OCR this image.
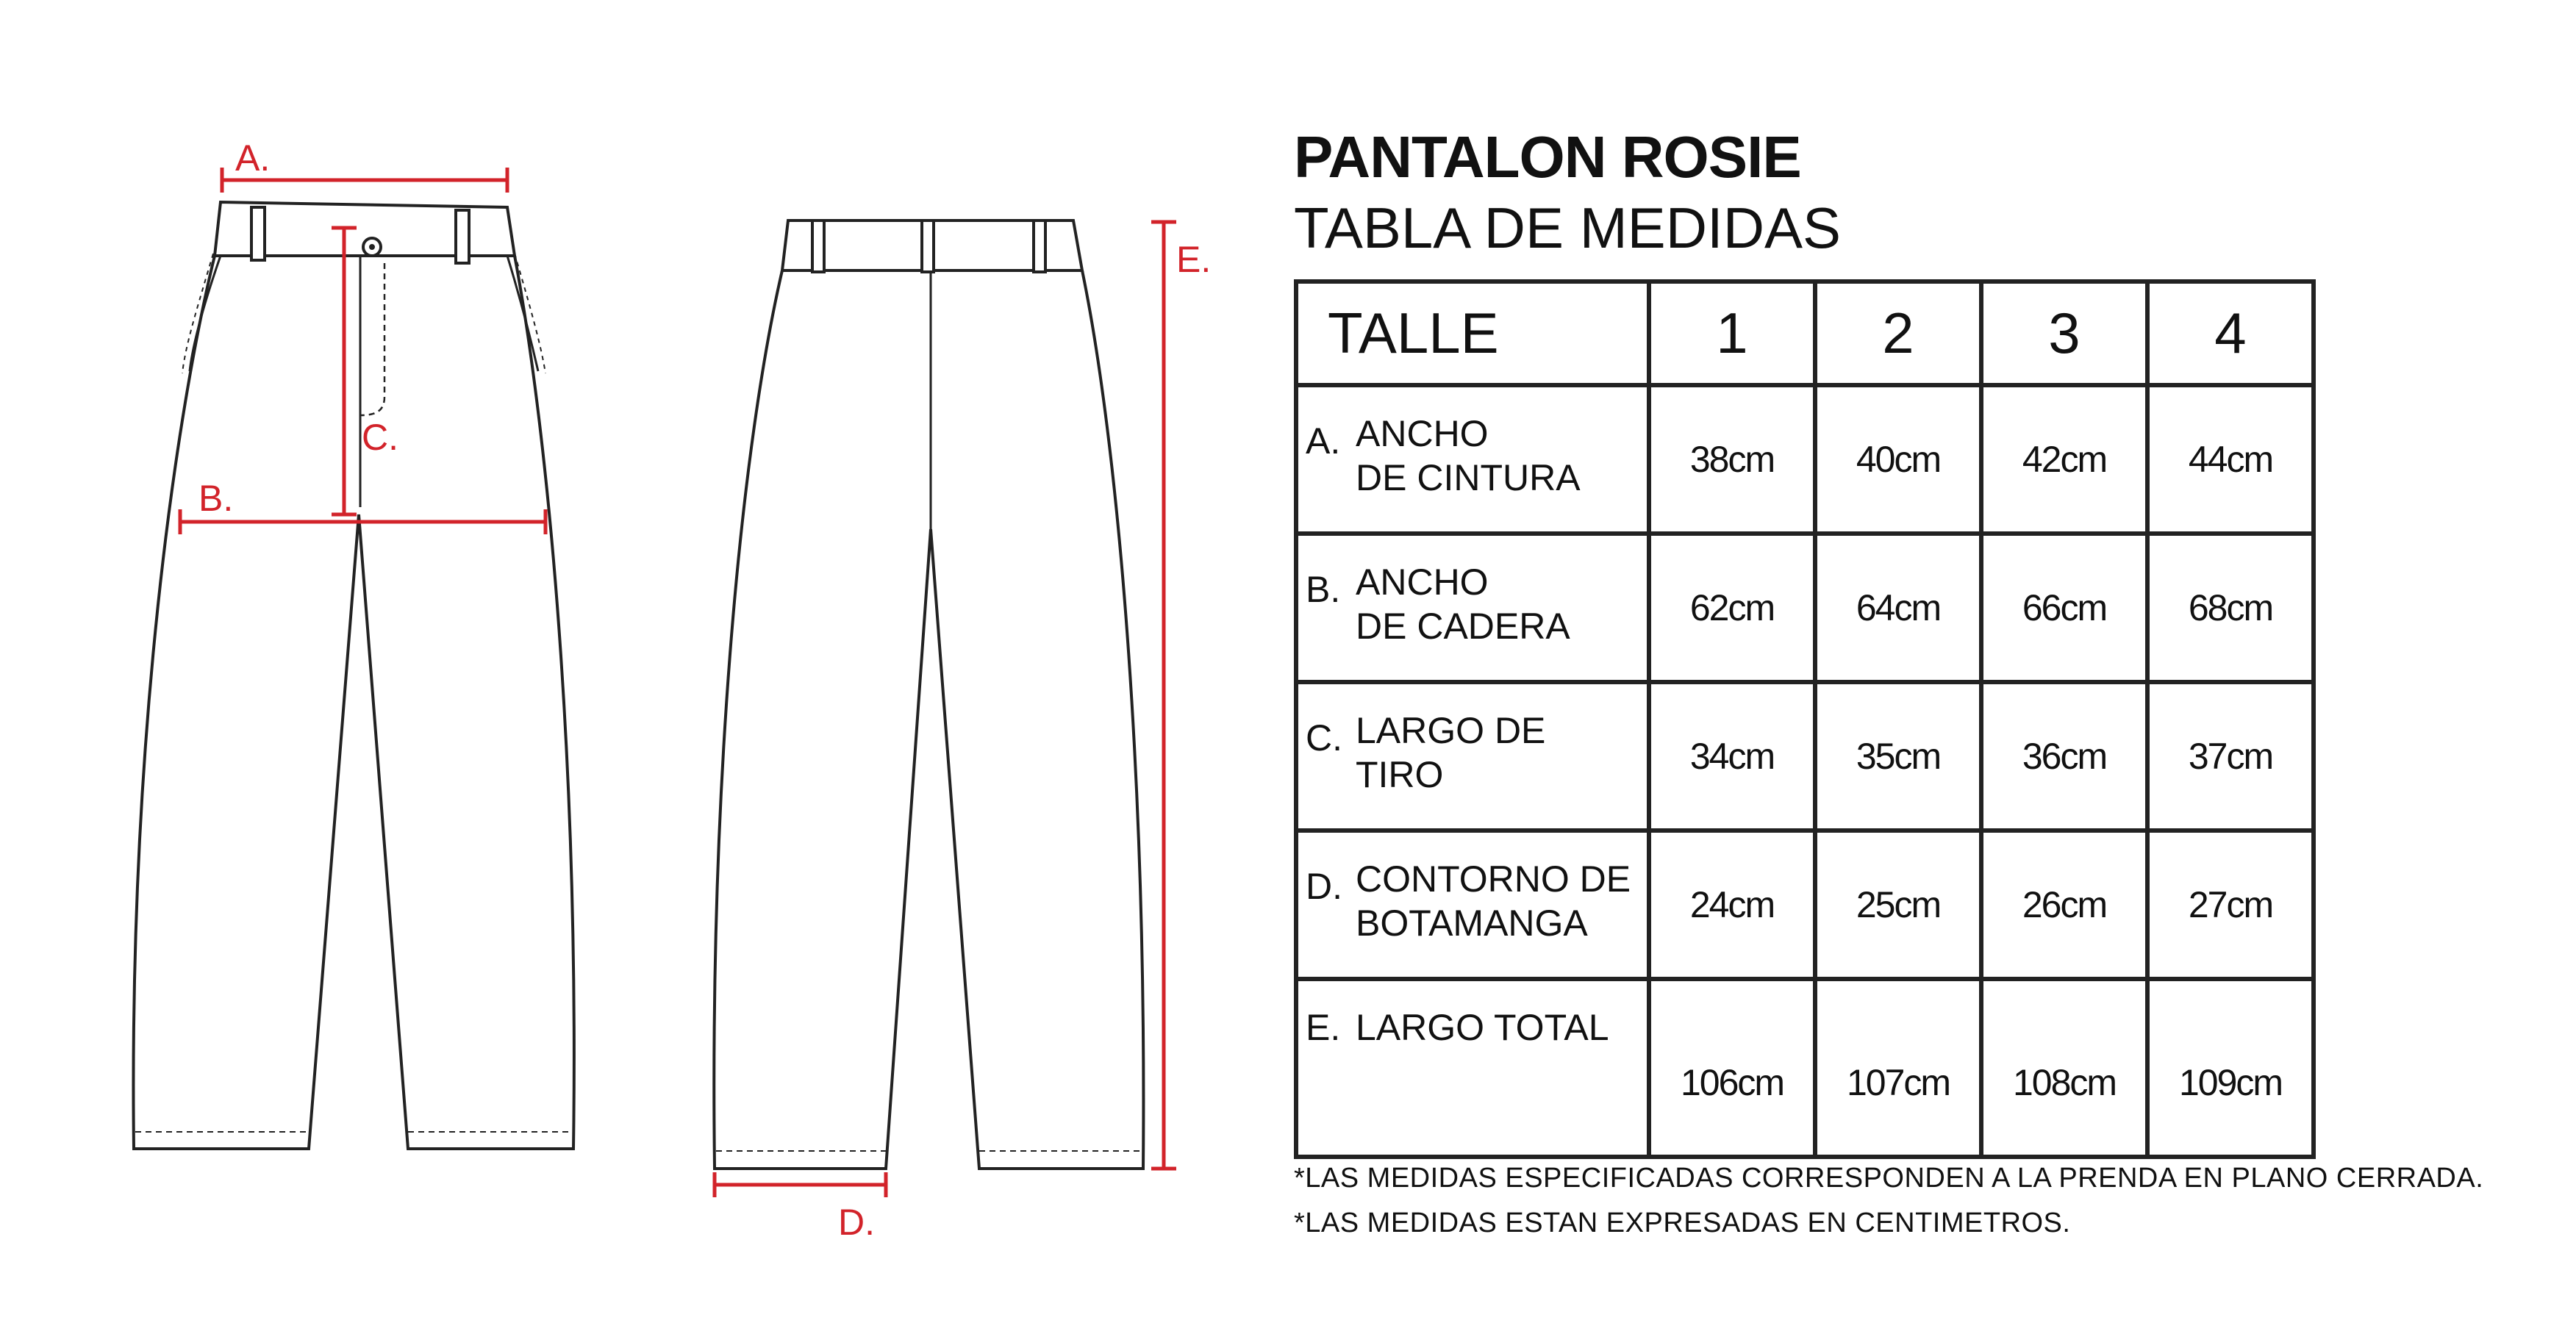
A.
B.
C.
D.
E.
PANTALON ROSIE
TABLA DE MEDIDAS
TALLE	1	2	3	4

A. ANCHO
DE CINTURA	38cm	40cm	42cm	44cm

B. ANCHO
DE CADERA	62cm	64cm	66cm	68cm

C. LARGO DE
TIRO	34cm	35cm	36cm	37cm

D. CONTORNO DE
BOTAMANGA	24cm	25cm	26cm	27cm

E. LARGO TOTAL	106cm	107cm	108cm	109cm
*LAS MEDIDAS ESPECIFICADAS CORRESPONDEN A LA PRENDA EN PLANO CERRADA.
*LAS MEDIDAS ESTAN EXPRESADAS EN CENTIMETROS.
